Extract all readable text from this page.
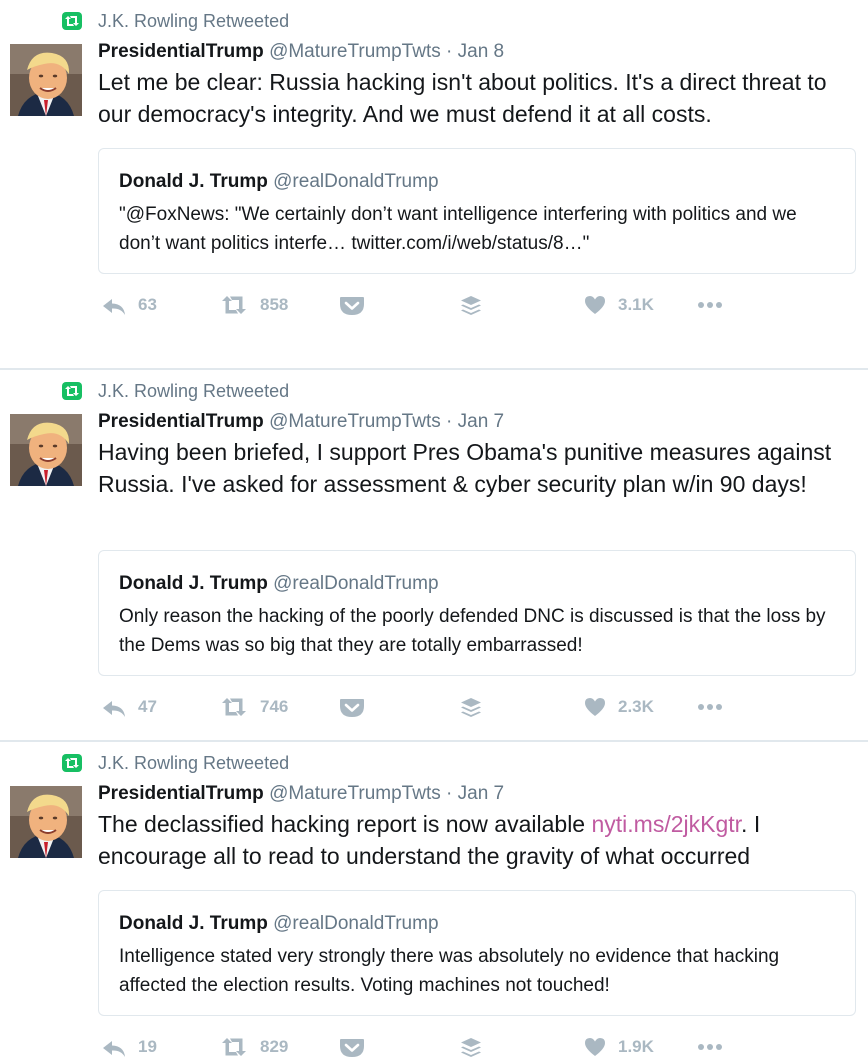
J.K. Rowling Retweeted
PresidentialTrump @MatureTrumpTwts · Jan 8
Let me be clear: Russia hacking isn't about politics. It's a direct threat to our democracy's integrity. And we must defend it at all costs.
Donald J. Trump @realDonaldTrump
"@FoxNews: "We certainly don’t want intelligence interfering with politics and we don’t want politics interfe… twitter.com/i/web/status/8…"
63	858	3.1K
J.K. Rowling Retweeted
PresidentialTrump @MatureTrumpTwts · Jan 7
Having been briefed, I support Pres Obama's punitive measures against Russia. I've asked for assessment & cyber security plan w/in 90 days!
Donald J. Trump @realDonaldTrump
Only reason the hacking of the poorly defended DNC is discussed is that the loss by the Dems was so big that they are totally embarrassed!
47	746	2.3K
J.K. Rowling Retweeted
PresidentialTrump @MatureTrumpTwts · Jan 7
The declassified hacking report is now available nyti.ms/2jkKgtr. I encourage all to read to understand the gravity of what occurred
Donald J. Trump @realDonaldTrump
Intelligence stated very strongly there was absolutely no evidence that hacking affected the election results. Voting machines not touched!
19	829	1.9K
